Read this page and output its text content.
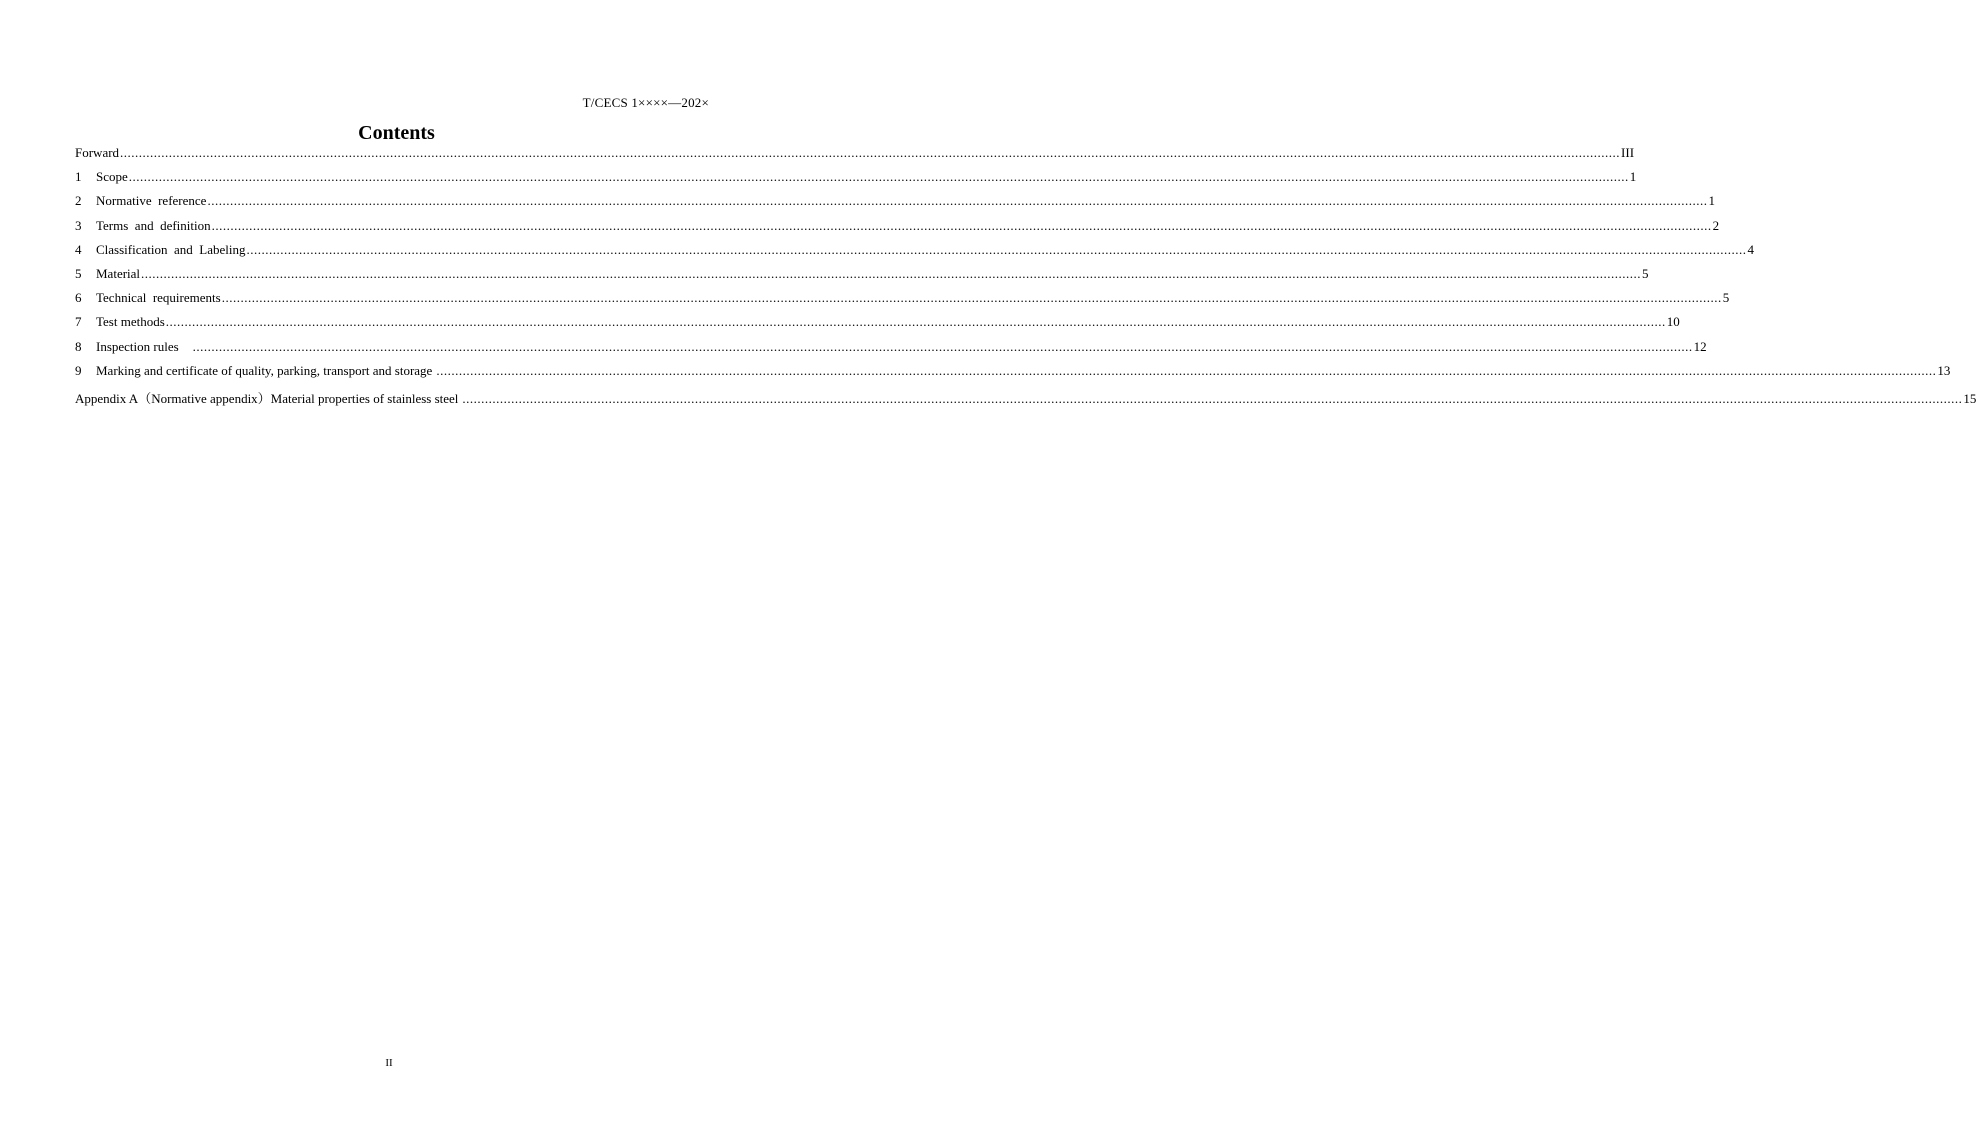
T/CECS 1××××—202×
Contents
Forward ................................................................................................................................................................................................................................................................................................................................................................................................................ III
1	Scope ................................................................................................................................................................................................................................................................................................................................................................................................................ 1
2	Normative  reference ................................................................................................................................................................................................................................................................................................................................................................................................................ 1
3	Terms  and  definition ................................................................................................................................................................................................................................................................................................................................................................................................................ 2
4	Classification  and  Labeling ................................................................................................................................................................................................................................................................................................................................................................................................................ 4
5	Material ................................................................................................................................................................................................................................................................................................................................................................................................................ 5
6	Technical  requirements ................................................................................................................................................................................................................................................................................................................................................................................................................ 5
7	Test methods ................................................................................................................................................................................................................................................................................................................................................................................................................ 10
8	Inspection rules ................................................................................................................................................................................................................................................................................................................................................................................................................ 12
9	Marking and certificate of quality, parking, transport and storage ................................................................................................................................................................................................................................................................................................................................................................................................................ 13
Appendix A（Normative appendix）Material properties of stainless steel ................................................................................................................................................................................................................................................................................................................................................................................................................ 15
II
